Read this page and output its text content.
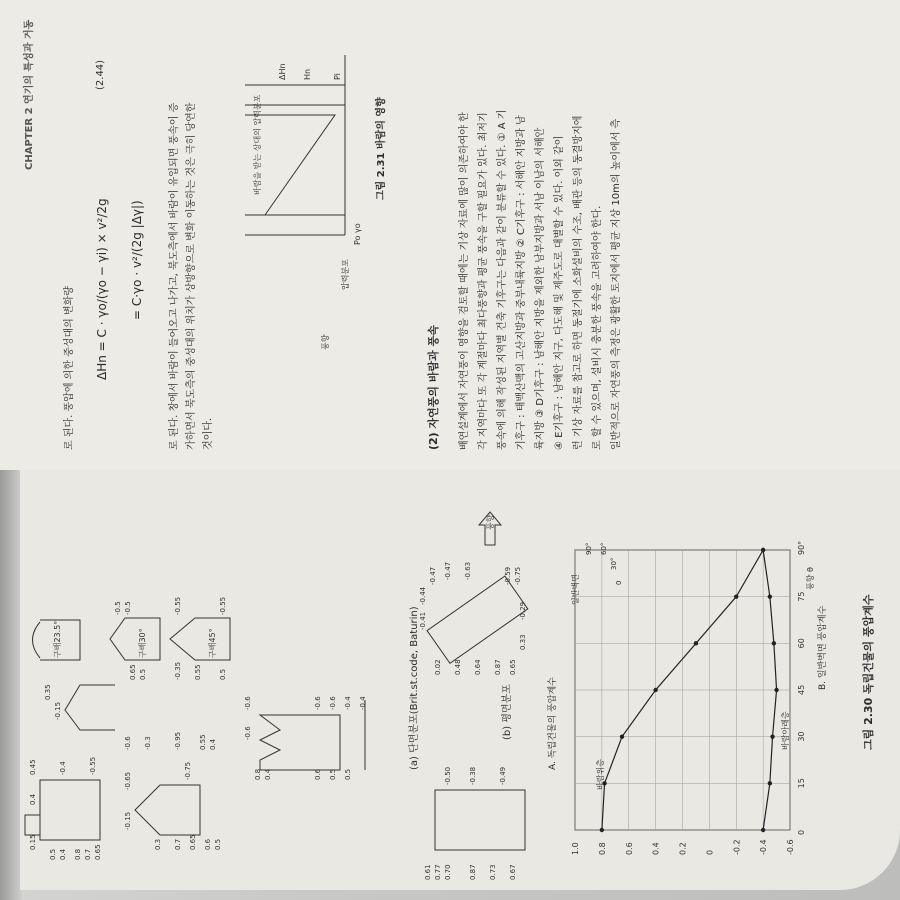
그림 2.30 독립건물의 풍압계수
(a) 단면분포(Brit.st.code, Baturin)	(b) 평면분포	A. 독립건물의 풍압계수
B. 일반벽면 풍압계수
풍향
구배23.5°	구배30°	구배45°
0.15
0.4
0.45
0.5 0.4
-0.4
0.8 0.7 0.65
-0.55
-0.15
0.35
-0.5 -0.5
0.65 0.5
-0.6 -0.3
-0.35
-0.55
0.55 0.5
-0.55
-0.95 0.55 0.4
-0.6
-0.6
0.8 0.4	0.6 0.5 0.5
-0.6 -0.6 -0.4 -0.4
0.3
-0.15
-0.65
0.7 0.65
-0.75
0.6 0.5
0.61 0.77 0.70
-0.50 -0.38
0.87 0.73 0.67
-0.49
0.02 0.48 0.64 0.87 0.65
0.33
-0.29
-0.41
-0.44
-0.47 -0.47 -0.63	-0.59 -0.75
1.0 0.8 0.6 0.4 0.2 0 -0.2 -0.4 -0.6
0
15
30
45
60
75
90°
일반벽면
바람위층
바람아래층
풍향 θ
90° 60°
30°
0
CHAPTER 2 연기의 특성과 거동
로 된다. 풍압에 의한 중성대의 변화량 ΔHn = C · γo/(γo − γi) × v²/2g
(2.44)
= C·γo · v²/(2g |Δγ|)	로 된다. 창에서 바람이 들어오고 나가고, 북도측에서 바람이 유입되면 풍속이 증 가하면서 북도측의 중성대의 위치가 상방향으로 변화 이동하는 것은 극히 당연한 것이다.
바람을 받는 상대의 압력분포
ΔHn Hn	Pi
Po γo
풍향
압력분포
그림 2.31 바람의 영향
(2) 자연풍의 바람과 풍속	배연설계에서 자연풍이 영향을 검토할 때에는 기상 자료에 많이 의존하여야 한 각 지역마다 또 각 계절마다 최다풍향과 평균 풍속을 구할 필요가 있다. 최저기 풍속에 의해 작성된 지역별 건축 기후구는 다음과 같이 분류할 수 있다. ① A 기 기후구 : 태백산맥의 고산지방과 중부내륙지방 ② C기후구 : 서해안 지방과 남 륙지방 ③ D기후구 : 남해안 지방을 제외한 남부지방과 서남 이남의 서해안 ④ E기후구 : 남해안 지구, 다도해 및 제주도로 대별할 수 있다. 이외 같이 런 기상 자료를 참고로 하면 동절기에 소화설비의 수조, 배관 등의 동결방지에 로 할 수 있으며, 설비시 충분한 풍속을 고려하여야 한다. 일반적으로 자연풍의 측정은 광활한 토지에서 평균 지상 10m의 높이에서 측
